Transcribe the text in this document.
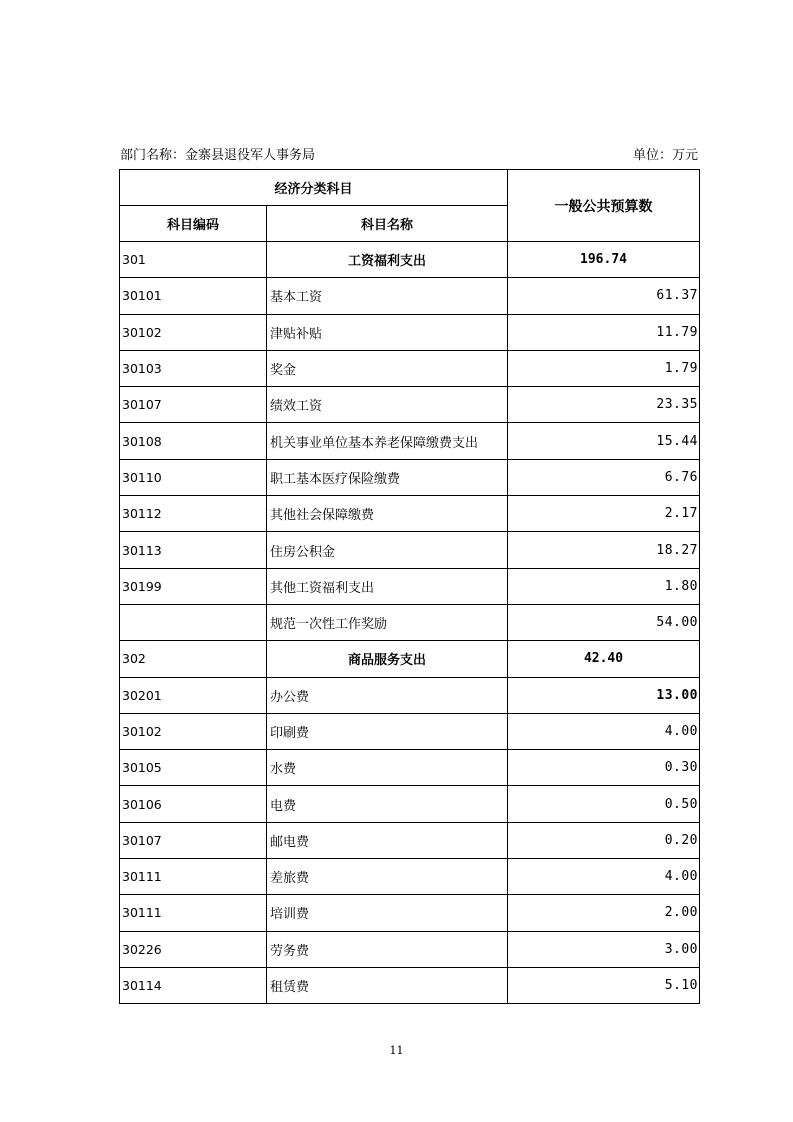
部门名称：金寨县退役军人事务局	单位：万元
经济分类科目		一般公共预算数
科目编码	科目名称	
301	工资福利支出	196.74
30101	基本工资	61.37
30102	津贴补贴	11.79
30103	奖金	1.79
30107	绩效工资	23.35
30108	机关事业单位基本养老保障缴费支出	15.44
30110	职工基本医疗保险缴费	6.76
30112	其他社会保障缴费	2.17
30113	住房公积金	18.27
30199	其他工资福利支出	1.80
	规范一次性工作奖励	54.00
302	商品服务支出	42.40
30201	办公费	13.00
30102	印刷费	4.00
30105	水费	0.30
30106	电费	0.50
30107	邮电费	0.20
30111	差旅费	4.00
30111	培训费	2.00
30226	劳务费	3.00
30114	租赁费	5.10
11
